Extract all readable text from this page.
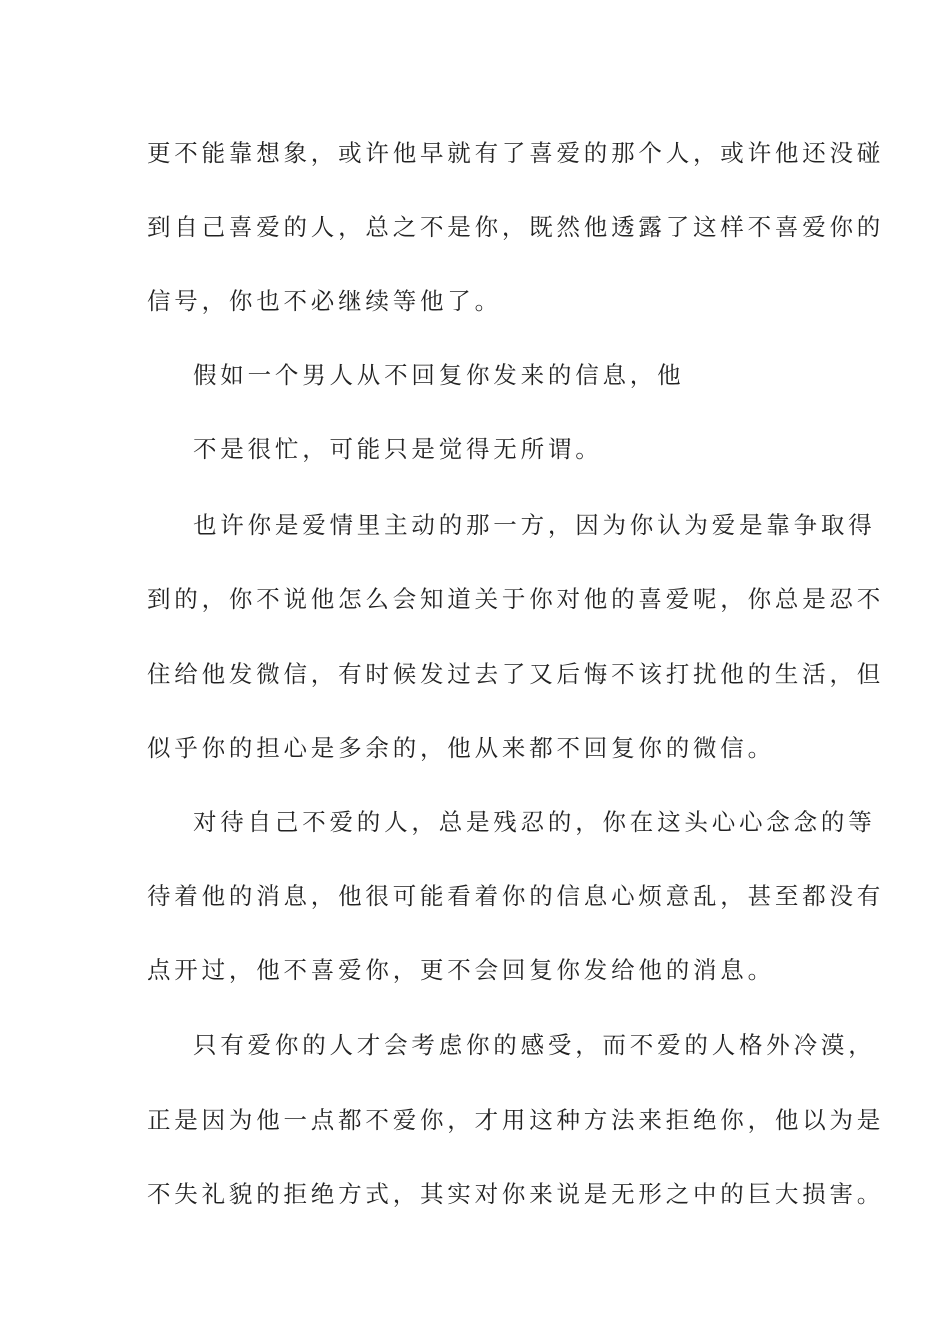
更不能靠想象，或许他早就有了喜爱的那个人，或许他还没碰
到自己喜爱的人，总之不是你，既然他透露了这样不喜爱你的
信号，你也不必继续等他了。
假如一个男人从不回复你发来的信息，他
不是很忙，可能只是觉得无所谓。
也许你是爱情里主动的那一方，因为你认为爱是靠争取得
到的，你不说他怎么会知道关于你对他的喜爱呢，你总是忍不
住给他发微信，有时候发过去了又后悔不该打扰他的生活，但
似乎你的担心是多余的，他从来都不回复你的微信。
对待自己不爱的人，总是残忍的，你在这头心心念念的等
待着他的消息，他很可能看着你的信息心烦意乱，甚至都没有
点开过，他不喜爱你，更不会回复你发给他的消息。
只有爱你的人才会考虑你的感受，而不爱的人格外冷漠，
正是因为他一点都不爱你，才用这种方法来拒绝你，他以为是
不失礼貌的拒绝方式，其实对你来说是无形之中的巨大损害。
